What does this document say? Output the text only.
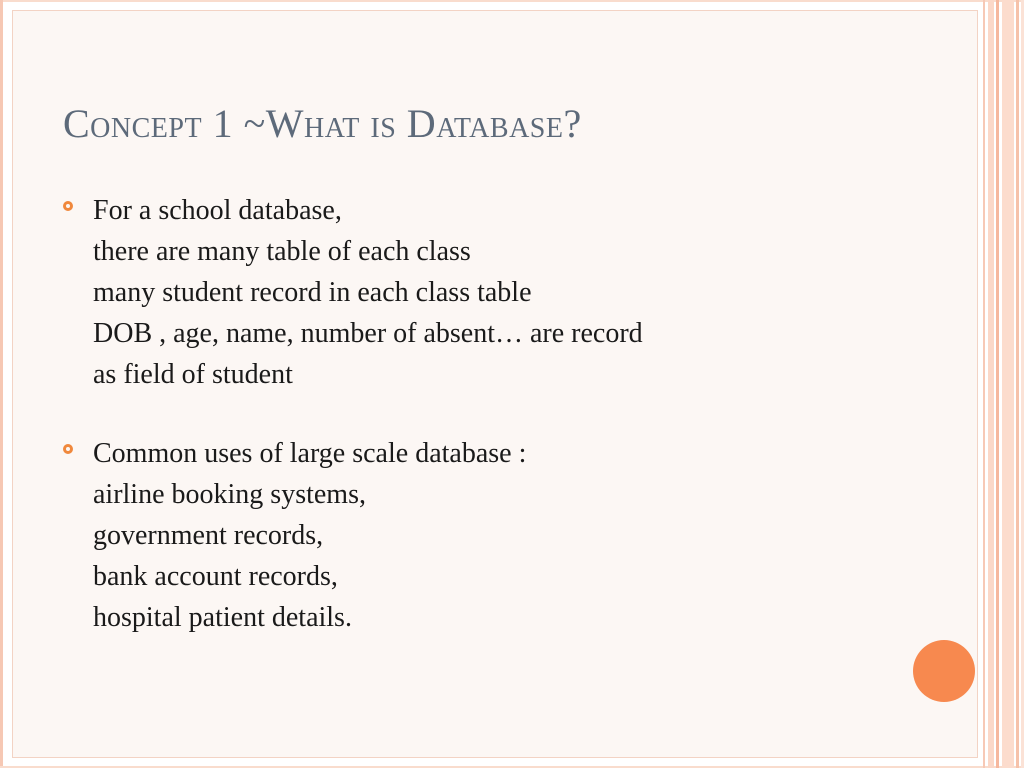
Concept 1 ~What is Database?
For a school database,
there are many table of each class
many student record in each class table
DOB , age, name, number of absent… are record
as field of student
Common uses of large scale database :
airline booking systems,
government records,
bank account records,
hospital patient details.
